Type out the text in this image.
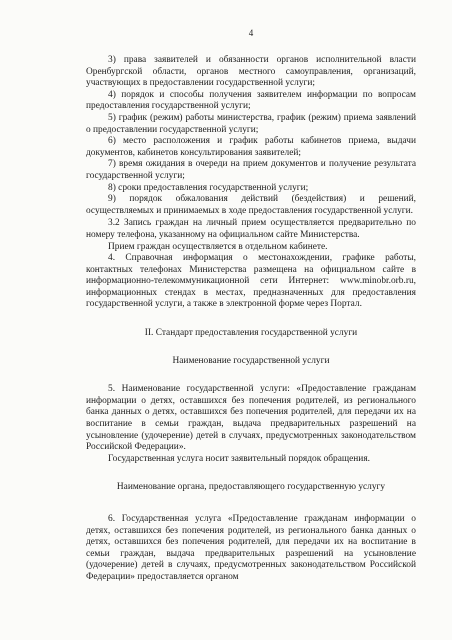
4

3) права заявителей и обязанности органов исполнительной власти Оренбургской области, органов местного самоуправления, организаций, участвующих в предоставлении государственной услуги;

4) порядок и способы получения заявителем информации по вопросам предоставления государственной услуги;

5) график (режим) работы министерства, график (режим) приема заявлений о предоставлении государственной услуги;

6) место расположения и график работы кабинетов приема, выдачи документов, кабинетов консультирования заявителей;

7) время ожидания в очереди на прием документов и получение результата государственной услуги;

8) сроки предоставления государственной услуги;

9) порядок обжалования действий (бездействия) и решений, осуществляемых и принимаемых в ходе предоставления государственной услуги.

3.2 Запись граждан на личный прием осуществляется предварительно по номеру телефона, указанному на официальном сайте Министерства.

Прием граждан осуществляется в отдельном кабинете.

4. Справочная информация о местонахождении, графике работы, контактных телефонах Министерства размещена на официальном сайте в информационно-телекоммуникационной сети Интернет: www.minobr.orb.ru, информационных стендах в местах, предназначенных для предоставления государственной услуги, а также в электронной форме через Портал.

II. Стандарт предоставления государственной услуги
Наименование государственной услуги

5. Наименование государственной услуги: «Предоставление гражданам информации о детях, оставшихся без попечения родителей, из регионального банка данных о детях, оставшихся без попечения родителей, для передачи их на воспитание в семьи граждан, выдача предварительных разрешений на усыновление (удочерение) детей в случаях, предусмотренных законодательством Российской Федерации».

Государственная услуга носит заявительный порядок обращения.

Наименование органа, предоставляющего государственную услугу

6. Государственная услуга «Предоставление гражданам информации о детях, оставшихся без попечения родителей, из регионального банка данных о детях, оставшихся без попечения родителей, для передачи их на воспитание в семьи граждан, выдача предварительных разрешений на усыновление (удочерение) детей в случаях, предусмотренных законодательством Российской Федерации» предоставляется органом
